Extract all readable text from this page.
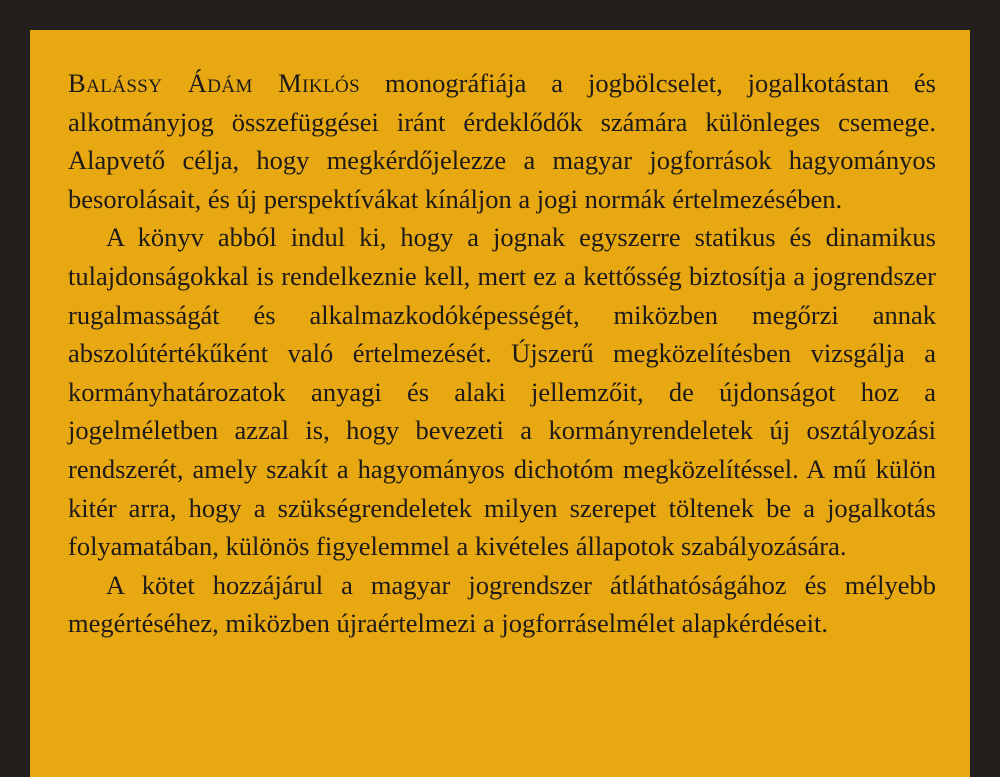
Balássy Ádám Miklós monográfiája a jogbölcselet, jogalkotástan és alkotmányjog összefüggései iránt érdeklődők számára különleges csemege. Alapvető célja, hogy megkérdőjelezze a magyar jogforrások hagyományos besorolásait, és új perspektívákat kínáljon a jogi normák értelmezésében.

A könyv abból indul ki, hogy a jognak egyszerre statikus és dinamikus tulajdonságokkal is rendelkeznie kell, mert ez a kettősség biztosítja a jogrendszer rugalmasságát és alkalmazkodóképességét, miközben megőrzi annak abszolútértékűként való értelmezését. Újszerű megközelítésben vizsgálja a kormányhatározatok anyagi és alaki jellemzőit, de újdonságot hoz a jogelméletben azzal is, hogy bevezeti a kormányrendeletek új osztályozási rendszerét, amely szakít a hagyományos dichotóm megközelítéssel. A mű külön kitér arra, hogy a szükségrendeletek milyen szerepet töltenek be a jogalkotás folyamatában, különös figyelemmel a kivételes állapotok szabályozására.

A kötet hozzájárul a magyar jogrendszer átláthatóságához és mélyebb megértéséhez, miközben újraértelmezi a jogforráselmélet alapkérdéseit.
